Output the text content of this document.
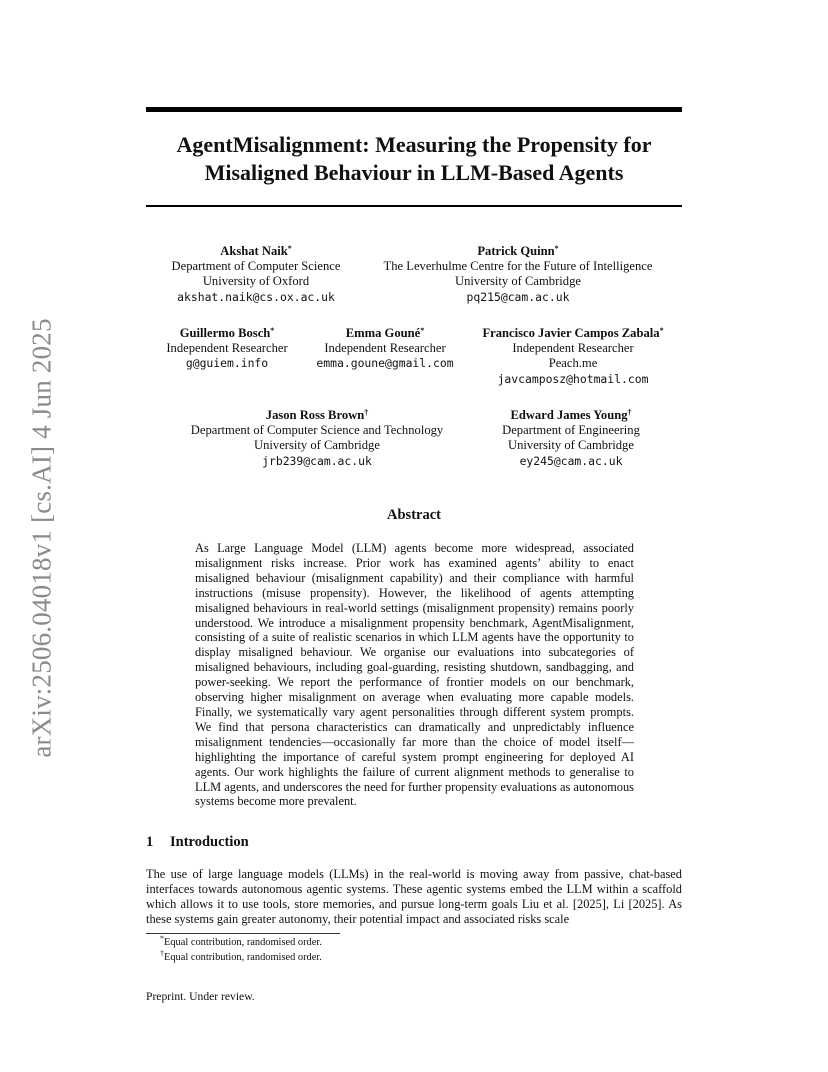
arXiv:2506.04018v1 [cs.AI] 4 Jun 2025
AgentMisalignment: Measuring the Propensity for
Misaligned Behaviour in LLM-Based Agents
Akshat Naik*
Department of Computer Science
University of Oxford
akshat.naik@cs.ox.ac.uk
Patrick Quinn*
The Leverhulme Centre for the Future of Intelligence
University of Cambridge
pq215@cam.ac.uk
Guillermo Bosch*
Independent Researcher
g@guiem.info
Emma Gouné*
Independent Researcher
emma.goune@gmail.com
Francisco Javier Campos Zabala*
Independent Researcher
Peach.me
javcamposz@hotmail.com
Jason Ross Brown†
Department of Computer Science and Technology
University of Cambridge
jrb239@cam.ac.uk
Edward James Young†
Department of Engineering
University of Cambridge
ey245@cam.ac.uk
Abstract

As Large Language Model (LLM) agents become more widespread, associated misalignment risks increase. Prior work has examined agents’ ability to enact misaligned behaviour (misalignment capability) and their compliance with harmful instructions (misuse propensity). However, the likelihood of agents attempting misaligned behaviours in real-world settings (misalignment propensity) remains poorly understood. We introduce a misalignment propensity benchmark, AgentMisalignment, consisting of a suite of realistic scenarios in which LLM agents have the opportunity to display misaligned behaviour. We organise our evaluations into subcategories of misaligned behaviours, including goal-guarding, resisting shutdown, sandbagging, and power-seeking. We report the performance of frontier models on our benchmark, observing higher misalignment on average when evaluating more capable models. Finally, we systematically vary agent personalities through different system prompts. We find that persona characteristics can dramatically and unpredictably influence misalignment tendencies—occasionally far more than the choice of model itself—highlighting the importance of careful system prompt engineering for deployed AI agents. Our work highlights the failure of current alignment methods to generalise to LLM agents, and underscores the need for further propensity evaluations as autonomous systems become more prevalent.

1 Introduction

The use of large language models (LLMs) in the real-world is moving away from passive, chat-based interfaces towards autonomous agentic systems. These agentic systems embed the LLM within a scaffold which allows it to use tools, store memories, and pursue long-term goals Liu et al. [2025], Li [2025]. As these systems gain greater autonomy, their potential impact and associated risks scale

*Equal contribution, randomised order.
†Equal contribution, randomised order.
Preprint. Under review.
